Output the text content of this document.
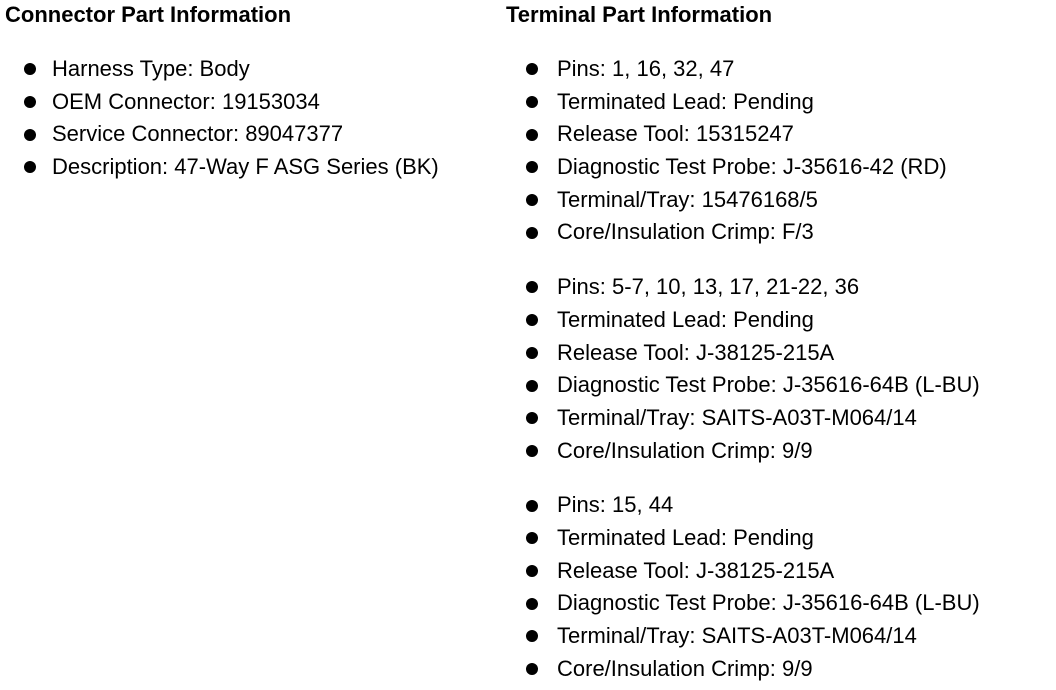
Connector Part Information
Harness Type: Body
OEM Connector: 19153034
Service Connector: 89047377
Description: 47-Way F ASG Series (BK)
Terminal Part Information
Pins: 1, 16, 32, 47
Terminated Lead: Pending
Release Tool: 15315247
Diagnostic Test Probe: J-35616-42 (RD)
Terminal/Tray: 15476168/5
Core/Insulation Crimp: F/3
Pins: 5-7, 10, 13, 17, 21-22, 36
Terminated Lead: Pending
Release Tool: J-38125-215A
Diagnostic Test Probe: J-35616-64B (L-BU)
Terminal/Tray: SAITS-A03T-M064/14
Core/Insulation Crimp: 9/9
Pins: 15, 44
Terminated Lead: Pending
Release Tool: J-38125-215A
Diagnostic Test Probe: J-35616-64B (L-BU)
Terminal/Tray: SAITS-A03T-M064/14
Core/Insulation Crimp: 9/9
